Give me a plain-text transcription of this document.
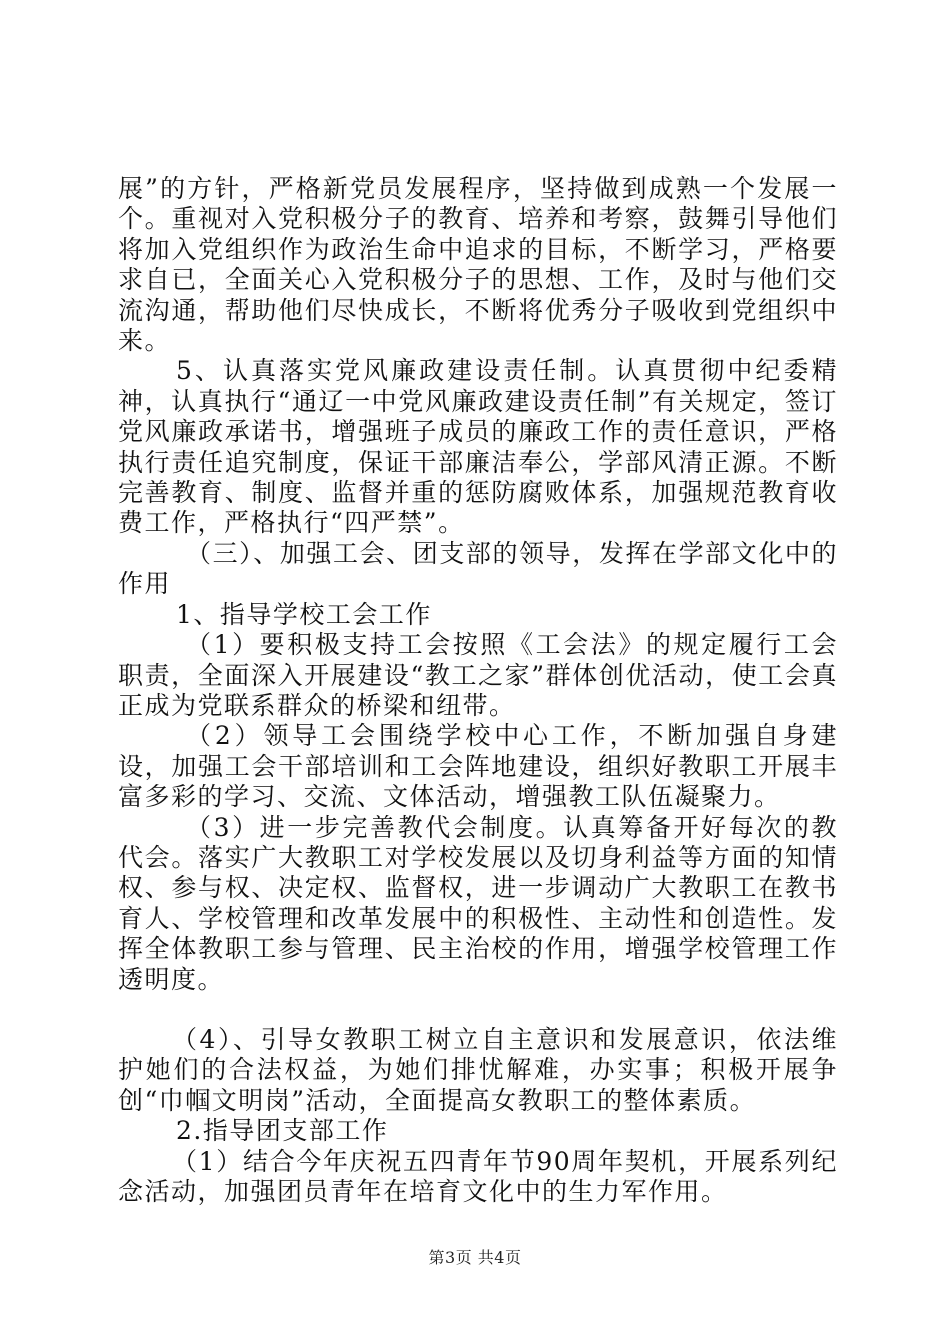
展”的方针，严格新党员发展程序，坚持做到成熟一个发展一个。重视对入党积极分子的教育、培养和考察，鼓舞引导他们将加入党组织作为政治生命中追求的目标，不断学习，严格要求自已，全面关心入党积极分子的思想、工作，及时与他们交流沟通，帮助他们尽快成长，不断将优秀分子吸收到党组织中来。

5、认真落实党风廉政建设责任制。认真贯彻中纪委精神，认真执行“通辽一中党风廉政建设责任制”有关规定，签订党风廉政承诺书，增强班子成员的廉政工作的责任意识，严格执行责任追究制度，保证干部廉洁奉公，学部风清正源。不断完善教育、制度、监督并重的惩防腐败体系，加强规范教育收费工作，严格执行“四严禁”。

（三）、加强工会、团支部的领导，发挥在学部文化中的作用

1、指导学校工会工作

（1）要积极支持工会按照《工会法》的规定履行工会职责，全面深入开展建设“教工之家”群体创优活动，使工会真正成为党联系群众的桥梁和纽带。

（2）领导工会围绕学校中心工作，不断加强自身建设，加强工会干部培训和工会阵地建设，组织好教职工开展丰富多彩的学习、交流、文体活动，增强教工队伍凝聚力。

（3）进一步完善教代会制度。认真筹备开好每次的教代会。落实广大教职工对学校发展以及切身利益等方面的知情权、参与权、决定权、监督权，进一步调动广大教职工在教书育人、学校管理和改革发展中的积极性、主动性和创造性。发挥全体教职工参与管理、民主治校的作用，增强学校管理工作透明度。

（4）、引导女教职工树立自主意识和发展意识，依法维护她们的合法权益，为她们排忧解难，办实事；积极开展争创“巾帼文明岗”活动，全面提高女教职工的整体素质。

2.指导团支部工作

（1）结合今年庆祝五四青年节90周年契机，开展系列纪念活动，加强团员青年在培育文化中的生力军作用。

第3页 共4页
